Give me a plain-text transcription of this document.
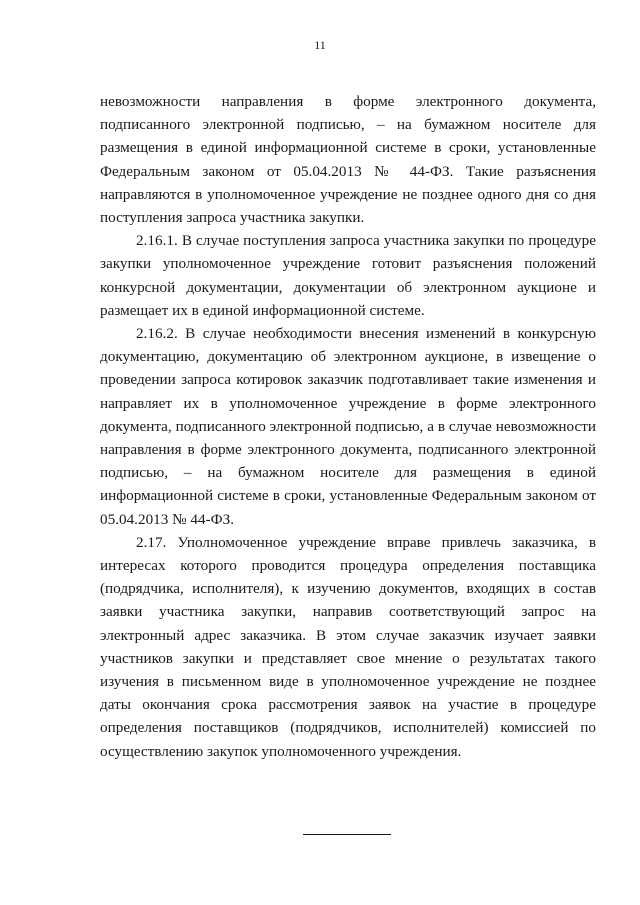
11

невозможности направления в форме электронного документа, подписанного электронной подписью, – на бумажном носителе для размещения в единой информационной системе в сроки, установленные Федеральным законом от 05.04.2013 № 44-ФЗ. Такие разъяснения направляются в уполномоченное учреждение не позднее одного дня со дня поступления запроса участника закупки.

2.16.1. В случае поступления запроса участника закупки по процедуре закупки уполномоченное учреждение готовит разъяснения положений конкурсной документации, документации об электронном аукционе и размещает их в единой информационной системе.

2.16.2. В случае необходимости внесения изменений в конкурсную документацию, документацию об электронном аукционе, в извещение о проведении запроса котировок заказчик подготавливает такие изменения и направляет их в уполномоченное учреждение в форме электронного документа, подписанного электронной подписью, а в случае невозможности направления в форме электронного документа, подписанного электронной подписью, – на бумажном носителе для размещения в единой информационной системе в сроки, установленные Федеральным законом от 05.04.2013 № 44-ФЗ.

2.17. Уполномоченное учреждение вправе привлечь заказчика, в интересах которого проводится процедура определения поставщика (подрядчика, исполнителя), к изучению документов, входящих в состав заявки участника закупки, направив соответствующий запрос на электронный адрес заказчика. В этом случае заказчик изучает заявки участников закупки и представляет свое мнение о результатах такого изучения в письменном виде в уполномоченное учреждение не позднее даты окончания срока рассмотрения заявок на участие в процедуре определения поставщиков (подрядчиков, исполнителей) комиссией по осуществлению закупок уполномоченного учреждения.
